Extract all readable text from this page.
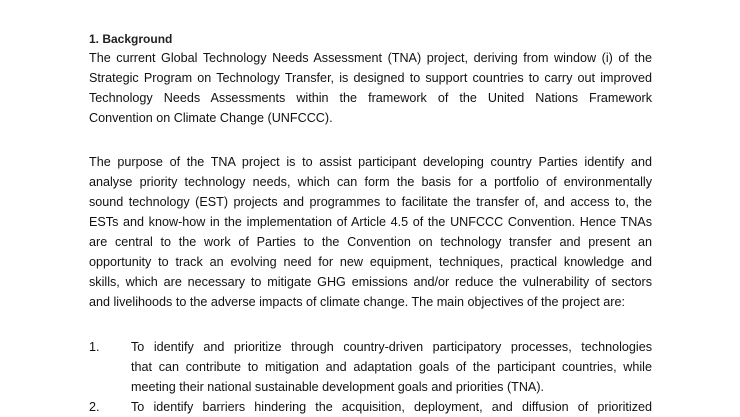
1. Background
The current Global Technology Needs Assessment (TNA) project, deriving from window (i) of the
Strategic Program on Technology Transfer, is designed to support countries to carry out improved
Technology Needs Assessments within the framework of the United Nations Framework
Convention on Climate Change (UNFCCC).
The purpose of the TNA project is to assist participant developing country Parties identify and
analyse priority technology needs, which can form the basis for a portfolio of environmentally
sound technology (EST) projects and programmes to facilitate the transfer of, and access to, the
ESTs and know-how in the implementation of Article 4.5 of the UNFCCC Convention. Hence TNAs
are central to the work of Parties to the Convention on technology transfer and present an
opportunity to track an evolving need for new equipment, techniques, practical knowledge and
skills, which are necessary to mitigate GHG emissions and/or reduce the vulnerability of sectors
and livelihoods to the adverse impacts of climate change. The main objectives of the project are:
1. To identify and prioritize through country-driven participatory processes, technologies
that can contribute to mitigation and adaptation goals of the participant countries, while
meeting their national sustainable development goals and priorities (TNA).
2. To identify barriers hindering the acquisition, deployment, and diffusion of prioritized
